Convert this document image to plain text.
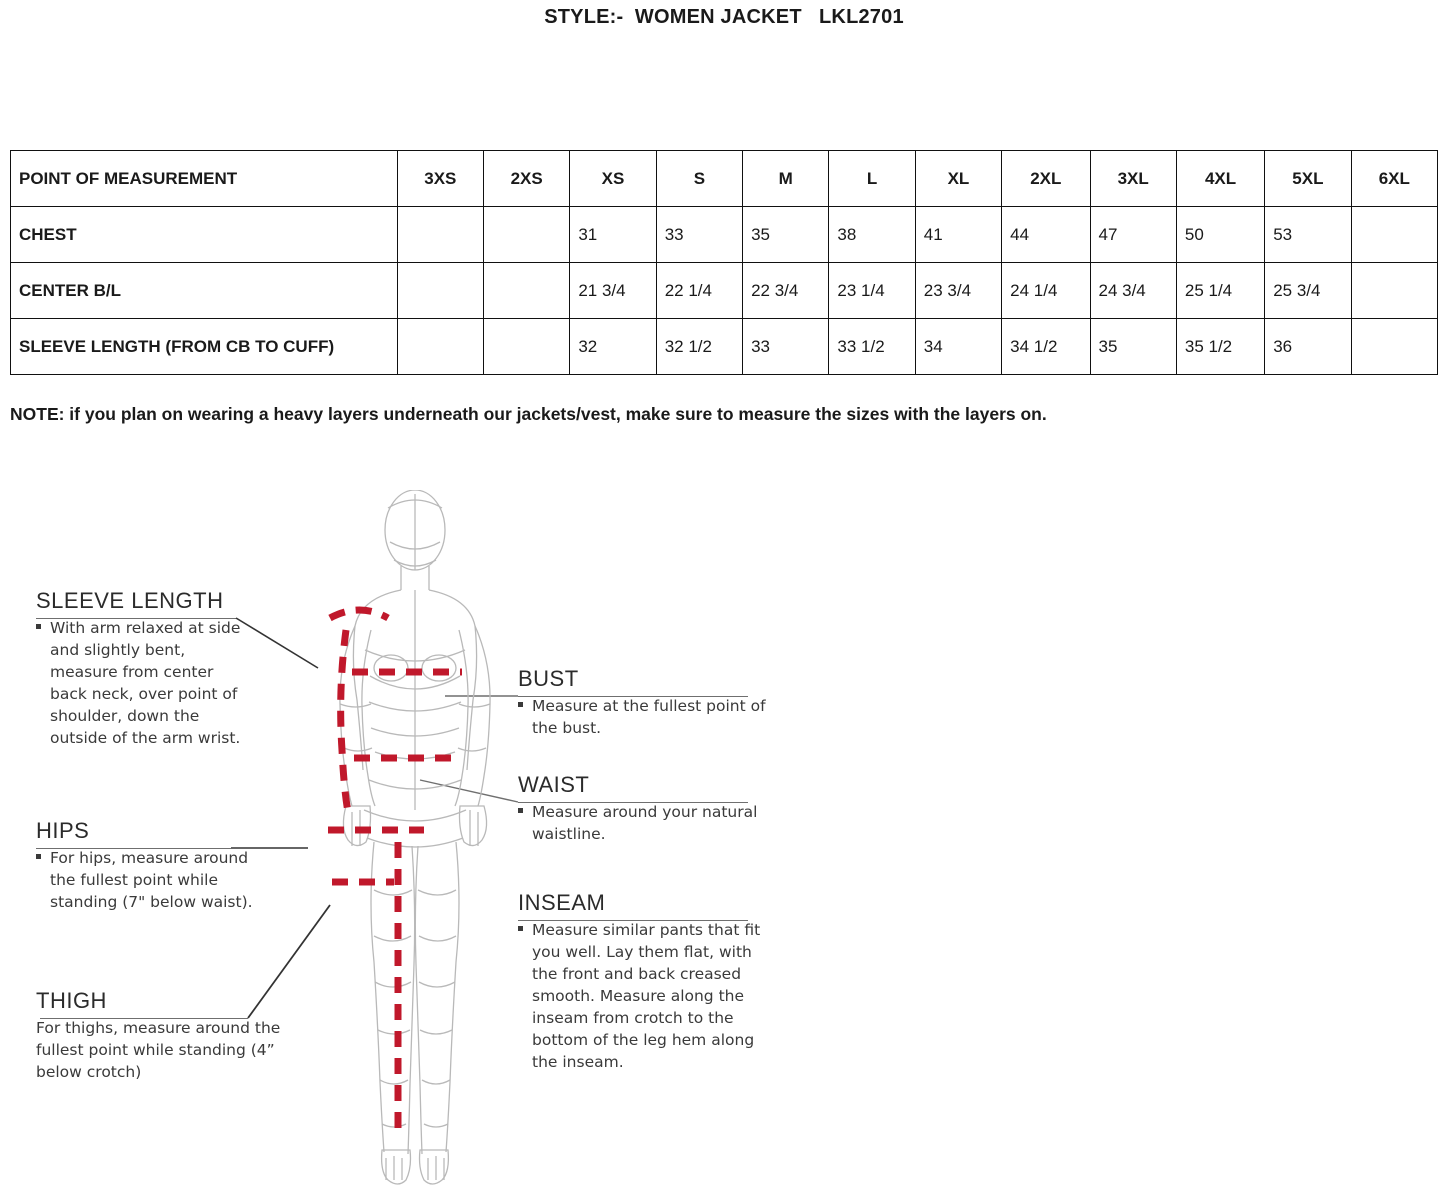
STYLE:-  WOMEN JACKET   LKL2701
POINT OF MEASUREMENT	3XS	2XS	XS	S	M	L	XL	2XL	3XL	4XL	5XL	6XL
CHEST			31	33	35	38	41	44	47	50	53	
CENTER B/L			21 3/4	22 1/4	22 3/4	23 1/4	23 3/4	24 1/4	24 3/4	25 1/4	25 3/4	
SLEEVE LENGTH (FROM CB TO CUFF)			32	32 1/2	33	33 1/2	34	34 1/2	35	35 1/2	36	
NOTE: if you plan on wearing a heavy layers underneath our jackets/vest, make sure to measure the sizes with the layers on.
SLEEVE LENGTH
With arm relaxed at side and slightly bent, measure from center back neck, over point of shoulder, down the outside of the arm wrist.
HIPS
For hips, measure around the fullest point while standing (7" below waist).
THIGH
For thighs, measure around the fullest point while standing (4” below crotch)
BUST
Measure at the fullest point of the bust.
WAIST
Measure around your natural waistline.
INSEAM
Measure similar pants that fit you well. Lay them flat, with the front and back creased smooth. Measure along the inseam from crotch to the bottom of the leg hem along the inseam.
